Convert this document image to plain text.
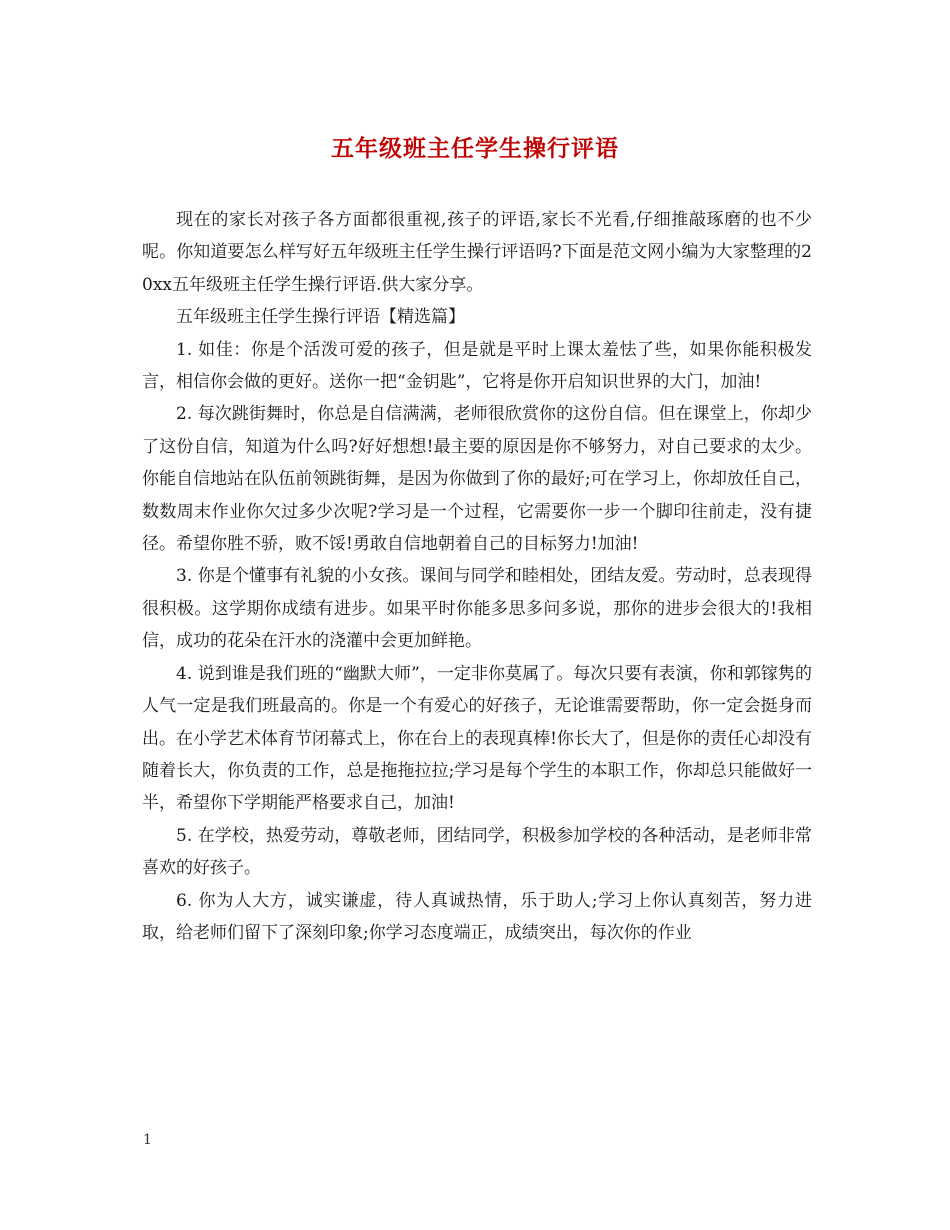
五年级班主任学生操行评语

现在的家长对孩子各方面都很重视,孩子的评语,家长不光看,仔细推敲琢磨的也不少呢。你知道要怎么样写好五年级班主任学生操行评语吗?下面是范文网小编为大家整理的20xx五年级班主任学生操行评语.供大家分享。

五年级班主任学生操行评语【精选篇】

1. 如佳：你是个活泼可爱的孩子，但是就是平时上课太羞怯了些，如果你能积极发言，相信你会做的更好。送你一把“金钥匙”，它将是你开启知识世界的大门，加油!

2. 每次跳街舞时，你总是自信满满，老师很欣赏你的这份自信。但在课堂上，你却少了这份自信，知道为什么吗?好好想想!最主要的原因是你不够努力，对自己要求的太少。你能自信地站在队伍前领跳街舞，是因为你做到了你的最好;可在学习上，你却放任自己，数数周末作业你欠过多少次呢?学习是一个过程，它需要你一步一个脚印往前走，没有捷径。希望你胜不骄，败不馁!勇敢自信地朝着自己的目标努力!加油!

3. 你是个懂事有礼貌的小女孩。课间与同学和睦相处，团结友爱。劳动时，总表现得很积极。这学期你成绩有进步。如果平时你能多思多问多说，那你的进步会很大的!我相信，成功的花朵在汗水的浇灌中会更加鲜艳。

4. 说到谁是我们班的“幽默大师”，一定非你莫属了。每次只要有表演，你和郭镓隽的人气一定是我们班最高的。你是一个有爱心的好孩子，无论谁需要帮助，你一定会挺身而出。在小学艺术体育节闭幕式上，你在台上的表现真棒!你长大了，但是你的责任心却没有随着长大，你负责的工作，总是拖拖拉拉;学习是每个学生的本职工作，你却总只能做好一半，希望你下学期能严格要求自己，加油!

5. 在学校，热爱劳动，尊敬老师，团结同学，积极参加学校的各种活动，是老师非常喜欢的好孩子。

6. 你为人大方，诚实谦虚，待人真诚热情，乐于助人;学习上你认真刻苦，努力进取，给老师们留下了深刻印象;你学习态度端正，成绩突出，每次你的作业

1
